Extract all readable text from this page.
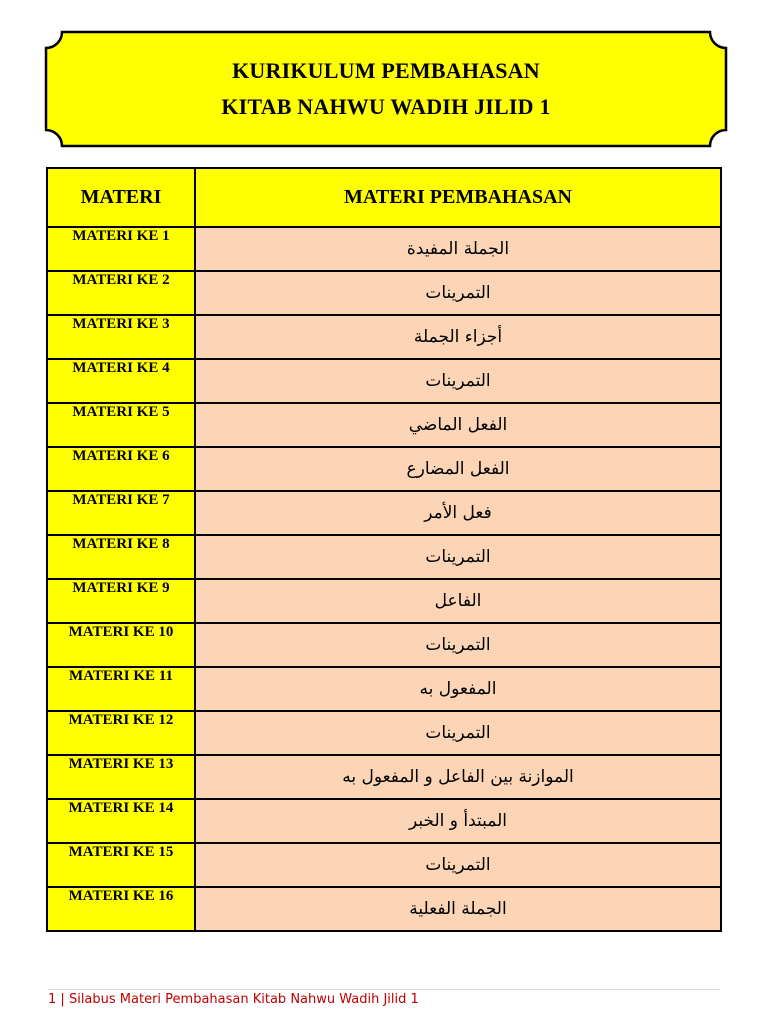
KURIKULUM PEMBAHASAN
KITAB NAHWU WADIH JILID 1
MATERI	MATERI PEMBAHASAN
MATERI KE 1	الجملة المفيدة
MATERI KE 2	التمرينات
MATERI KE 3	أجزاء الجملة
MATERI KE 4	التمرينات
MATERI KE 5	الفعل الماضي
MATERI KE 6	الفعل المضارع
MATERI KE 7	فعل الأمر
MATERI KE 8	التمرينات
MATERI KE 9	الفاعل
MATERI KE 10	التمرينات
MATERI KE 11	المفعول به
MATERI KE 12	التمرينات
MATERI KE 13	الموازنة بين الفاعل و المفعول به
MATERI KE 14	المبتدأ و الخبر
MATERI KE 15	التمرينات
MATERI KE 16	الجملة الفعلية
1 | Silabus Materi Pembahasan Kitab Nahwu Wadih Jilid 1
